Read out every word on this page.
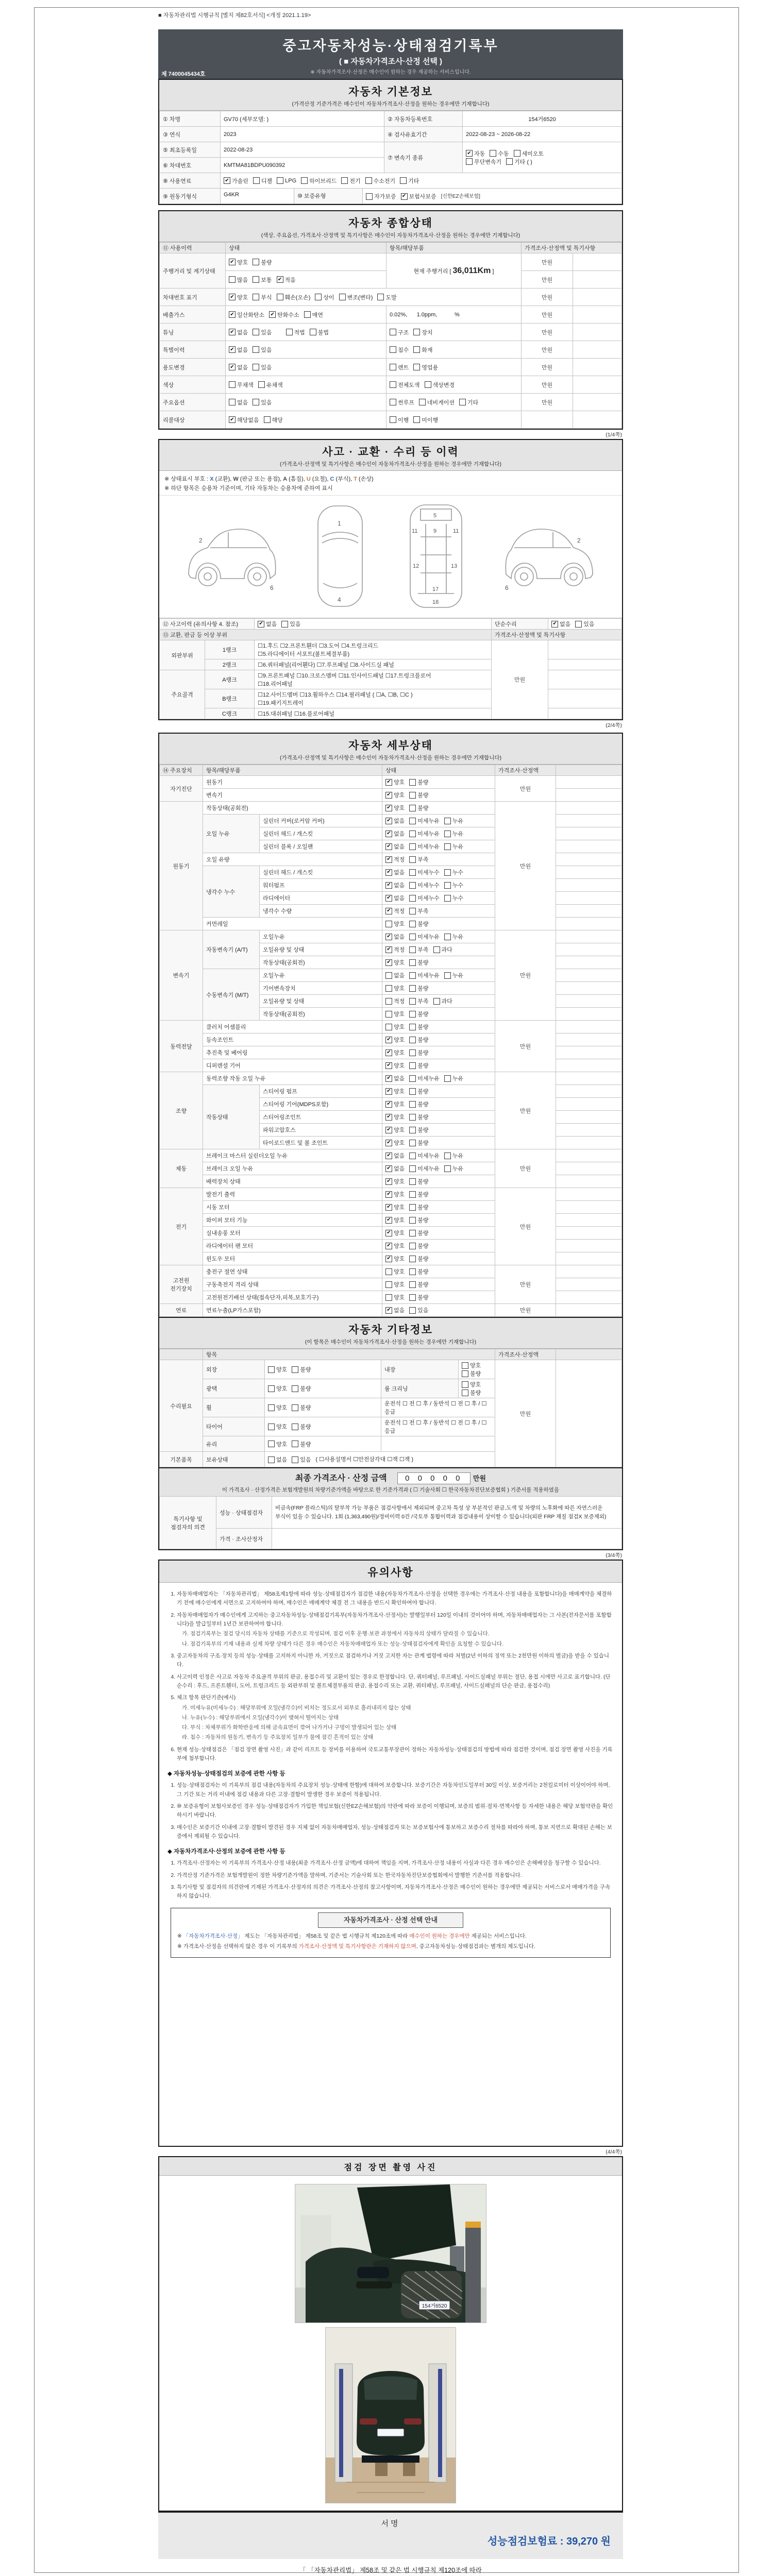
■ 자동차관리법 시행규칙 [별지 제82호서식] <개정 2021.1.19>
중고자동차성능·상태점검기록부
( ■ 자동차가격조사·산정 선택 )
※ 자동차가격조사·산정은 매수인이 원하는 경우 제공하는 서비스입니다.
제 7400045434호
자동차 기본정보
(가격산정 기준가격은 매수인이 자동차가격조사·산정을 원하는 경우에만 기재합니다)
① 차명	GV70 (세부모델: )	② 자동차등록번호	154거6520
③ 연식	2023	④ 검사유효기간	2022-08-23 ~ 2026-08-22
⑤ 최초등록일	2022-08-23	⑦ 변속기 종류	
✔ 자동 수동 세미오토

무단변속기 기타 ( )

⑥ 차대번호	KMTMA81BDPU090392		
⑧ 사용연료	✔ 가솔린 디젤 LPG 하이브리드 전기 수소전기 기타

⑨ 원동기형식	G4KR	⑩ 보증유형	자가보증 ✔ 보험사보증 [신한EZ손해보험]
자동차 종합상태
(색상, 주요옵션, 가격조사·산정액 및 특기사항은 매수인이 자동차가격조사·산정을 원하는 경우에만 기재합니다)
⑪ 사용이력	상태	항목/해당부품	가격조사·산정액 및 특기사항	
주행거리 및 계기상태	✔ 양호 불량	현재 주행거리 [ 36,011Km ]	만원	

	많음 보통 ✔ 적음		만원	
차대번호 표기	✔ 양호 부식 훼손(오손) 상이 변조(변타) 도말	만원	
배출가스	✔ 일산화탄소 ✔ 탄화수소 매연	0.02%,      1.0ppm,           %	만원	
튜닝	✔ 없음 있음 적법 불법	구조 장치	만원	
특별이력	✔ 없음 있음	침수 화재	만원	
용도변경	✔ 없음 있음	렌트 영업용	만원	
색상	무채색 유채색	전체도색 색상변경	만원	
주요옵션	없음 있음	썬루프 네비게이션 기타	만원	
리콜대상	✔ 해당없음 해당	이행 미이행		

(1/4쪽)
사고 · 교환 · 수리 등 이력
(가격조사·산정액 및 특기사항은 매수인이 자동차가격조사·산정을 원하는 경우에만 기재합니다)
※ 상태표시 부호 : X (교환), W (판금 또는 용접), A (흠집), U (요철), C (부식), T (손상)
※ 하단 항목은 승용차 기준이며, 기타 자동차는 승용차에 준하여 표시
2
6
1
4
5
9
11	11
12	13
17
18
2
6
⑫ 사고이력 (유의사항 4. 참조)		✔ 없음 있음	단순수리	✔ 없음 있음

⑬ 교환, 판금 등 이상 부위			가격조사·산정액 및 특기사항	
외판부위	1랭크	☐1.후드 ☐2.프론트휀더 ☐3.도어 ☐4.트렁크리드
☐5.라디에이터 서포트(볼트체결부품)	만원	
	2랭크	☐6.쿼터패널(리어휀다) ☐7.루프패널 ☐8.사이드실 패널		
주요골격	A랭크	☐9.프론트패널 ☐10.크로스멤버 ☐11.인사이드패널 ☐17.트렁크플로어
☐18.리어패널		
	B랭크	☐12.사이드멤버 ☐13.휠하우스 ☐14.필러패널 ( ☐A, ☐B, ☐C )
☐19.패키지트레이		
	C랭크	☐15.대쉬패널 ☐16.플로어패널		
(2/4쪽)
자동차 세부상태
(가격조사·산정액 및 특기사항은 매수인이 자동차가격조사·산정을 원하는 경우에만 기재합니다)
⑭ 주요장치	항목/해당부품		상태	가격조사·산정액	
자기진단	원동기		✔ 양호 불량	만원	
	변속기		✔ 양호 불량		

원동기	작동상태(공회전)		✔ 양호 불량	만원	
	오일 누유	실린더 커버(로커암 커버)	✔ 없음 미세누유 누유		

		실린더 헤드 / 개스킷	✔ 없음 미세누유 누유		

		실린더 블록 / 오일팬	✔ 없음 미세누유 누유		

	오일 유량		✔ 적정 부족		

	냉각수 누수	실린더 헤드 / 개스킷	✔ 없음 미세누수 누수		

		워터펌프	✔ 없음 미세누수 누수		

		라디에이터	✔ 없음 미세누수 누수		

		냉각수 수량	✔ 적정 부족		

	커먼레일		양호 불량		

변속기	자동변속기 (A/T)	오일누유	✔ 없음 미세누유 누유	만원	
		오일유량 및 상태	✔ 적정 부족 과다		

		작동상태(공회전)	✔ 양호 불량		

	수동변속기 (M/T)	오일누유	없음 미세누유 누유		

		기어변속장치	양호 불량		

		오일유량 및 상태	적정 부족 과다		

		작동상태(공회전)	양호 불량		

동력전달	클러치 어셈블리		양호 불량	만원	
	등속조인트		✔ 양호 불량		

	추진축 및 베어링		✔ 양호 불량		

	디퍼렌셜 기어		✔ 양호 불량		

조향	동력조향 작동 오일 누유		✔ 없음 미세누유 누유	만원	
	작동상태	스티어링 펌프	✔ 양호 불량		

		스티어링 기어(MDPS포함)	✔ 양호 불량		

		스티어링조인트	✔ 양호 불량		

		파워고압호스	✔ 양호 불량		

		타이로드엔드 및 볼 조인트	✔ 양호 불량		

제동	브레이크 마스터 실린더오일 누유		✔ 없음 미세누유 누유	만원	
	브레이크 오일 누유		✔ 없음 미세누유 누유		

	배력장치 상태		✔ 양호 불량		

전기	발전기 출력		✔ 양호 불량	만원	
	시동 모터		✔ 양호 불량		

	와이퍼 모터 기능		✔ 양호 불량		

	실내송풍 모터		✔ 양호 불량		

	라디에이터 팬 모터		✔ 양호 불량		

	윈도우 모터		✔ 양호 불량		

고전원 전기장치	충전구 절연 상태		양호 불량	만원	
	구동축전지 격리 상태		양호 불량		

	고전원전기배선 상태(접속단자,피복,보호기구)		양호 불량		

연료	연료누출(LP가스포함)		✔ 없음 있음	만원	
자동차 기타정보
(이 항목은 매수인이 자동차가격조사·산정을 원하는 경우에만 기재합니다)
	항목				가격조사·산정액	
수리필요	외장	양호 불량	내장	양호
불량	만원	
	광택	양호 불량	룸 크리닝	양호
불량		

	휠	양호 불량	운전석 ☐ 전 ☐ 후 / 동반석 ☐ 전 ☐ 후 / ☐ 응급			
	타이어	양호 불량	운전석 ☐ 전 ☐ 후 / 동반석 ☐ 전 ☐ 후 / ☐ 응급			
	유리	양호 불량				

기본품목	보유상태	없음 있음 ( ☐사용설명서 ☐안전삼각대 ☐잭 ☐잭 )				
최종 가격조사 · 산정 금액 0 0 0 0 0 만원
이 가격조사 · 산정가격은 보험개발원의 차량기준가액을 바탕으로 한 기준가격과 ( ☐ 기술사회 ☐ 한국자동차진단보증협회 ) 기준서를 적용하였음
특기사항 및 점검자의 의견	성능 · 상태점검자	비금속(FRP 플라스틱)의 탈부착 가능 부품은 점검사항에서 제외되며 중고차 특성 상 부분적인 판금,도색 및 차량의 노후화에 따른 자연스러운 부식이 있을 수 있습니다. 1회 (1,363,490원)/정비이력 0건 /국토부 통합이력과 점검내용이 상이할 수 있습니다(외판 FRP 재질 점검X 보증제외)
	가격 · 조사산정자	
(3/4쪽)
유의사항
1. 자동차매매업자는 「자동차관리법」 제58조제1항에 따라 성능·상태점검자가 점검한 내용(자동차가격조사·산정을 선택한 경우에는 가격조사·산정 내용을 포함합니다)을 매매계약을 체결하기 전에 매수인에게 서면으로 고지하여야 하며, 매수인은 매매계약 체결 전 그 내용을 반드시 확인하여야 합니다.
2. 자동차매매업자가 매수인에게 고지하는 중고자동차성능·상태점검기록부(자동차가격조사·산정서)는 발행일부터 120일 이내의 것이어야 하며, 자동차매매업자는 그 사본(전자문서를 포함합니다)을 발급일부터 1년간 보관하여야 합니다.
가. 점검기록부는 점검 당시의 자동차 상태를 기준으로 작성되며, 점검 이후 운행·보관 과정에서 자동차의 상태가 달라질 수 있습니다.
나. 점검기록부의 기재 내용과 실제 차량 상태가 다른 경우 매수인은 자동차매매업자 또는 성능·상태점검자에게 확인을 요청할 수 있습니다.
3. 중고자동차의 구조·장치 등의 성능·상태를 고지하지 아니한 자, 거짓으로 점검하거나 거짓 고지한 자는 관계 법령에 따라 처벌(2년 이하의 징역 또는 2천만원 이하의 벌금)을 받을 수 있습니다.
4. 사고이력 인정은 사고로 자동차 주요골격 부위의 판금, 용접수리 및 교환이 있는 경우로 한정합니다. 단, 쿼터패널, 루프패널, 사이드실패널 부위는 절단, 용접 시에만 사고로 표기합니다. (단순수리 : 후드, 프론트휀더, 도어, 트렁크리드 등 외판부위 및 볼트체결부품의 판금, 용접수리 또는 교환, 쿼터패널, 루프패널, 사이드실패널의 단순 판금, 용접수리)
5. 체크 항목 판단기준(예시)
가. 미세누유(미세누수) : 해당부위에 오일(냉각수)이 비치는 정도로서 외부로 흘러내리지 않는 상태
나. 누유(누수) : 해당부위에서 오일(냉각수)이 맺혀서 떨어지는 상태
다. 부식 : 차체부위가 화학반응에 의해 금속표면이 깎여 나가거나 구멍이 발생되어 있는 상태
라. 침수 : 자동차의 원동기, 변속기 등 주요장치 일부가 물에 잠긴 흔적이 있는 상태
6. 현재 성능·상태점검은 「점검 장면 촬영 사진」과 같이 리프트 등 장비를 이용하여 국토교통부장관이 정하는 자동차성능·상태점검의 방법에 따라 점검한 것이며, 점검 장면 촬영 사진을 기록부에 첨부합니다.
◆ 자동차성능·상태점검의 보증에 관한 사항 등
1. 성능·상태점검자는 이 기록부의 점검 내용(자동차의 주요장치 성능·상태에 한함)에 대하여 보증합니다. 보증기간은 자동차인도일부터 30일 이상, 보증거리는 2천킬로미터 이상이어야 하며, 그 기간 또는 거리 이내에 점검 내용과 다른 고장·결함이 발생한 경우 보증이 적용됩니다.
2. ⑩ 보증유형이 보험사보증인 경우 성능·상태점검자가 가입한 책임보험(신한EZ손해보험)의 약관에 따라 보증이 이행되며, 보증의 범위·절차·면책사항 등 자세한 내용은 해당 보험약관을 확인하시기 바랍니다.
3. 매수인은 보증기간 이내에 고장·결함이 발견된 경우 지체 없이 자동차매매업자, 성능·상태점검자 또는 보증보험사에 통보하고 보증수리 절차를 따라야 하며, 통보 지연으로 확대된 손해는 보증에서 제외될 수 있습니다.
◆ 자동차가격조사·산정의 보증에 관한 사항 등
1. 가격조사·산정자는 이 기록부의 가격조사·산정 내용(최종 가격조사·산정 금액)에 대하여 책임을 지며, 가격조사·산정 내용이 사실과 다른 경우 매수인은 손해배상을 청구할 수 있습니다.
2. 가격산정 기준가격은 보험개발원이 정한 차량기준가액을 말하며, 기준서는 기술사회 또는 한국자동차진단보증협회에서 발행한 기준서를 적용합니다.
3. 특기사항 및 점검자의 의견란에 기재된 가격조사·산정자의 의견은 가격조사·산정의 참고사항이며, 자동차가격조사·산정은 매수인이 원하는 경우에만 제공되는 서비스로서 매매가격을 구속하지 않습니다.
자동차가격조사 · 산정 선택 안내
※ 「자동차가격조사·산정」 제도는 「자동차관리법」 제58조 및 같은 법 시행규칙 제120조에 따라 매수인이 원하는 경우에만 제공되는 서비스입니다.
※ 가격조사·산정을 선택하지 않은 경우 이 기록부의 가격조사·산정액 및 특기사항란은 기재하지 않으며, 중고자동차성능·상태점검과는 별개의 제도입니다.
(4/4쪽)
점검 장면 촬영 사진
154거6520
서명
성능점검보험료 : 39,270 원
「 「자동차관리법」 제58조 및 같은 법 시행규칙 제120조에 따라
